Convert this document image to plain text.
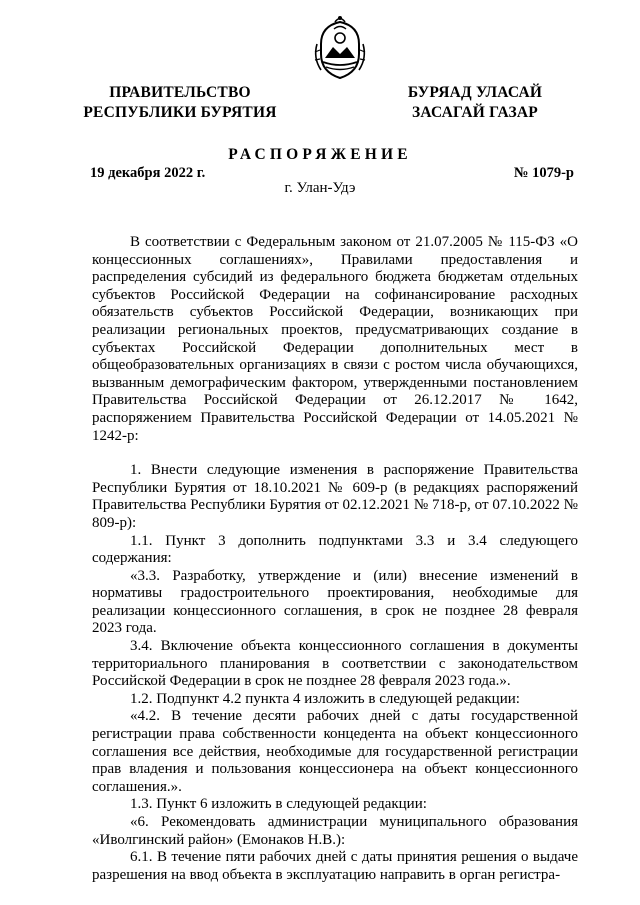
ПРАВИТЕЛЬСТВО
РЕСПУБЛИКИ БУРЯТИЯ
БУРЯАД УЛАСАЙ
ЗАСАГАЙ ГАЗАР
РАСПОРЯЖЕНИЕ
19 декабря 2022 г.	№ 1079-р
г. Улан-Удэ

В соответствии с Федеральным законом от 21.07.2005 № 115-ФЗ «О концессионных соглашениях», Правилами предоставления и распределения субсидий из федерального бюджета бюджетам отдельных субъектов Российской Федерации на софинансирование расходных обязательств субъектов Российской Федерации, возникающих при реализации региональных проектов, предусматривающих создание в субъектах Российской Федерации дополнительных мест в общеобразовательных организациях в связи с ростом числа обучающихся, вызванным демографическим фактором, утвержденными постановлением Правительства Российской Федерации от 26.12.2017 № 1642, распоряжением Правительства Российской Федерации от 14.05.2021 № 1242-р:

1. Внести следующие изменения в распоряжение Правительства Республики Бурятия от 18.10.2021 № 609-р (в редакциях распоряжений Правительства Республики Бурятия от 02.12.2021 № 718-р, от 07.10.2022 № 809-р):

1.1. Пункт 3 дополнить подпунктами 3.3 и 3.4 следующего содержания:

«3.3. Разработку, утверждение и (или) внесение изменений в нормативы градостроительного проектирования, необходимые для реализации концессионного соглашения, в срок не позднее 28 февраля 2023 года.

3.4. Включение объекта концессионного соглашения в документы территориального планирования в соответствии с законодательством Российской Федерации в срок не позднее 28 февраля 2023 года.».

1.2. Подпункт 4.2 пункта 4 изложить в следующей редакции:

«4.2. В течение десяти рабочих дней с даты государственной регистрации права собственности концедента на объект концессионного соглашения все действия, необходимые для государственной регистрации прав владения и пользования концессионера на объект концессионного соглашения.».

1.3. Пункт 6 изложить в следующей редакции:

«6. Рекомендовать администрации муниципального образования «Иволгинский район» (Емонаков Н.В.):

6.1. В течение пяти рабочих дней с даты принятия решения о выдаче разрешения на ввод объекта в эксплуатацию направить в орган регистра-
